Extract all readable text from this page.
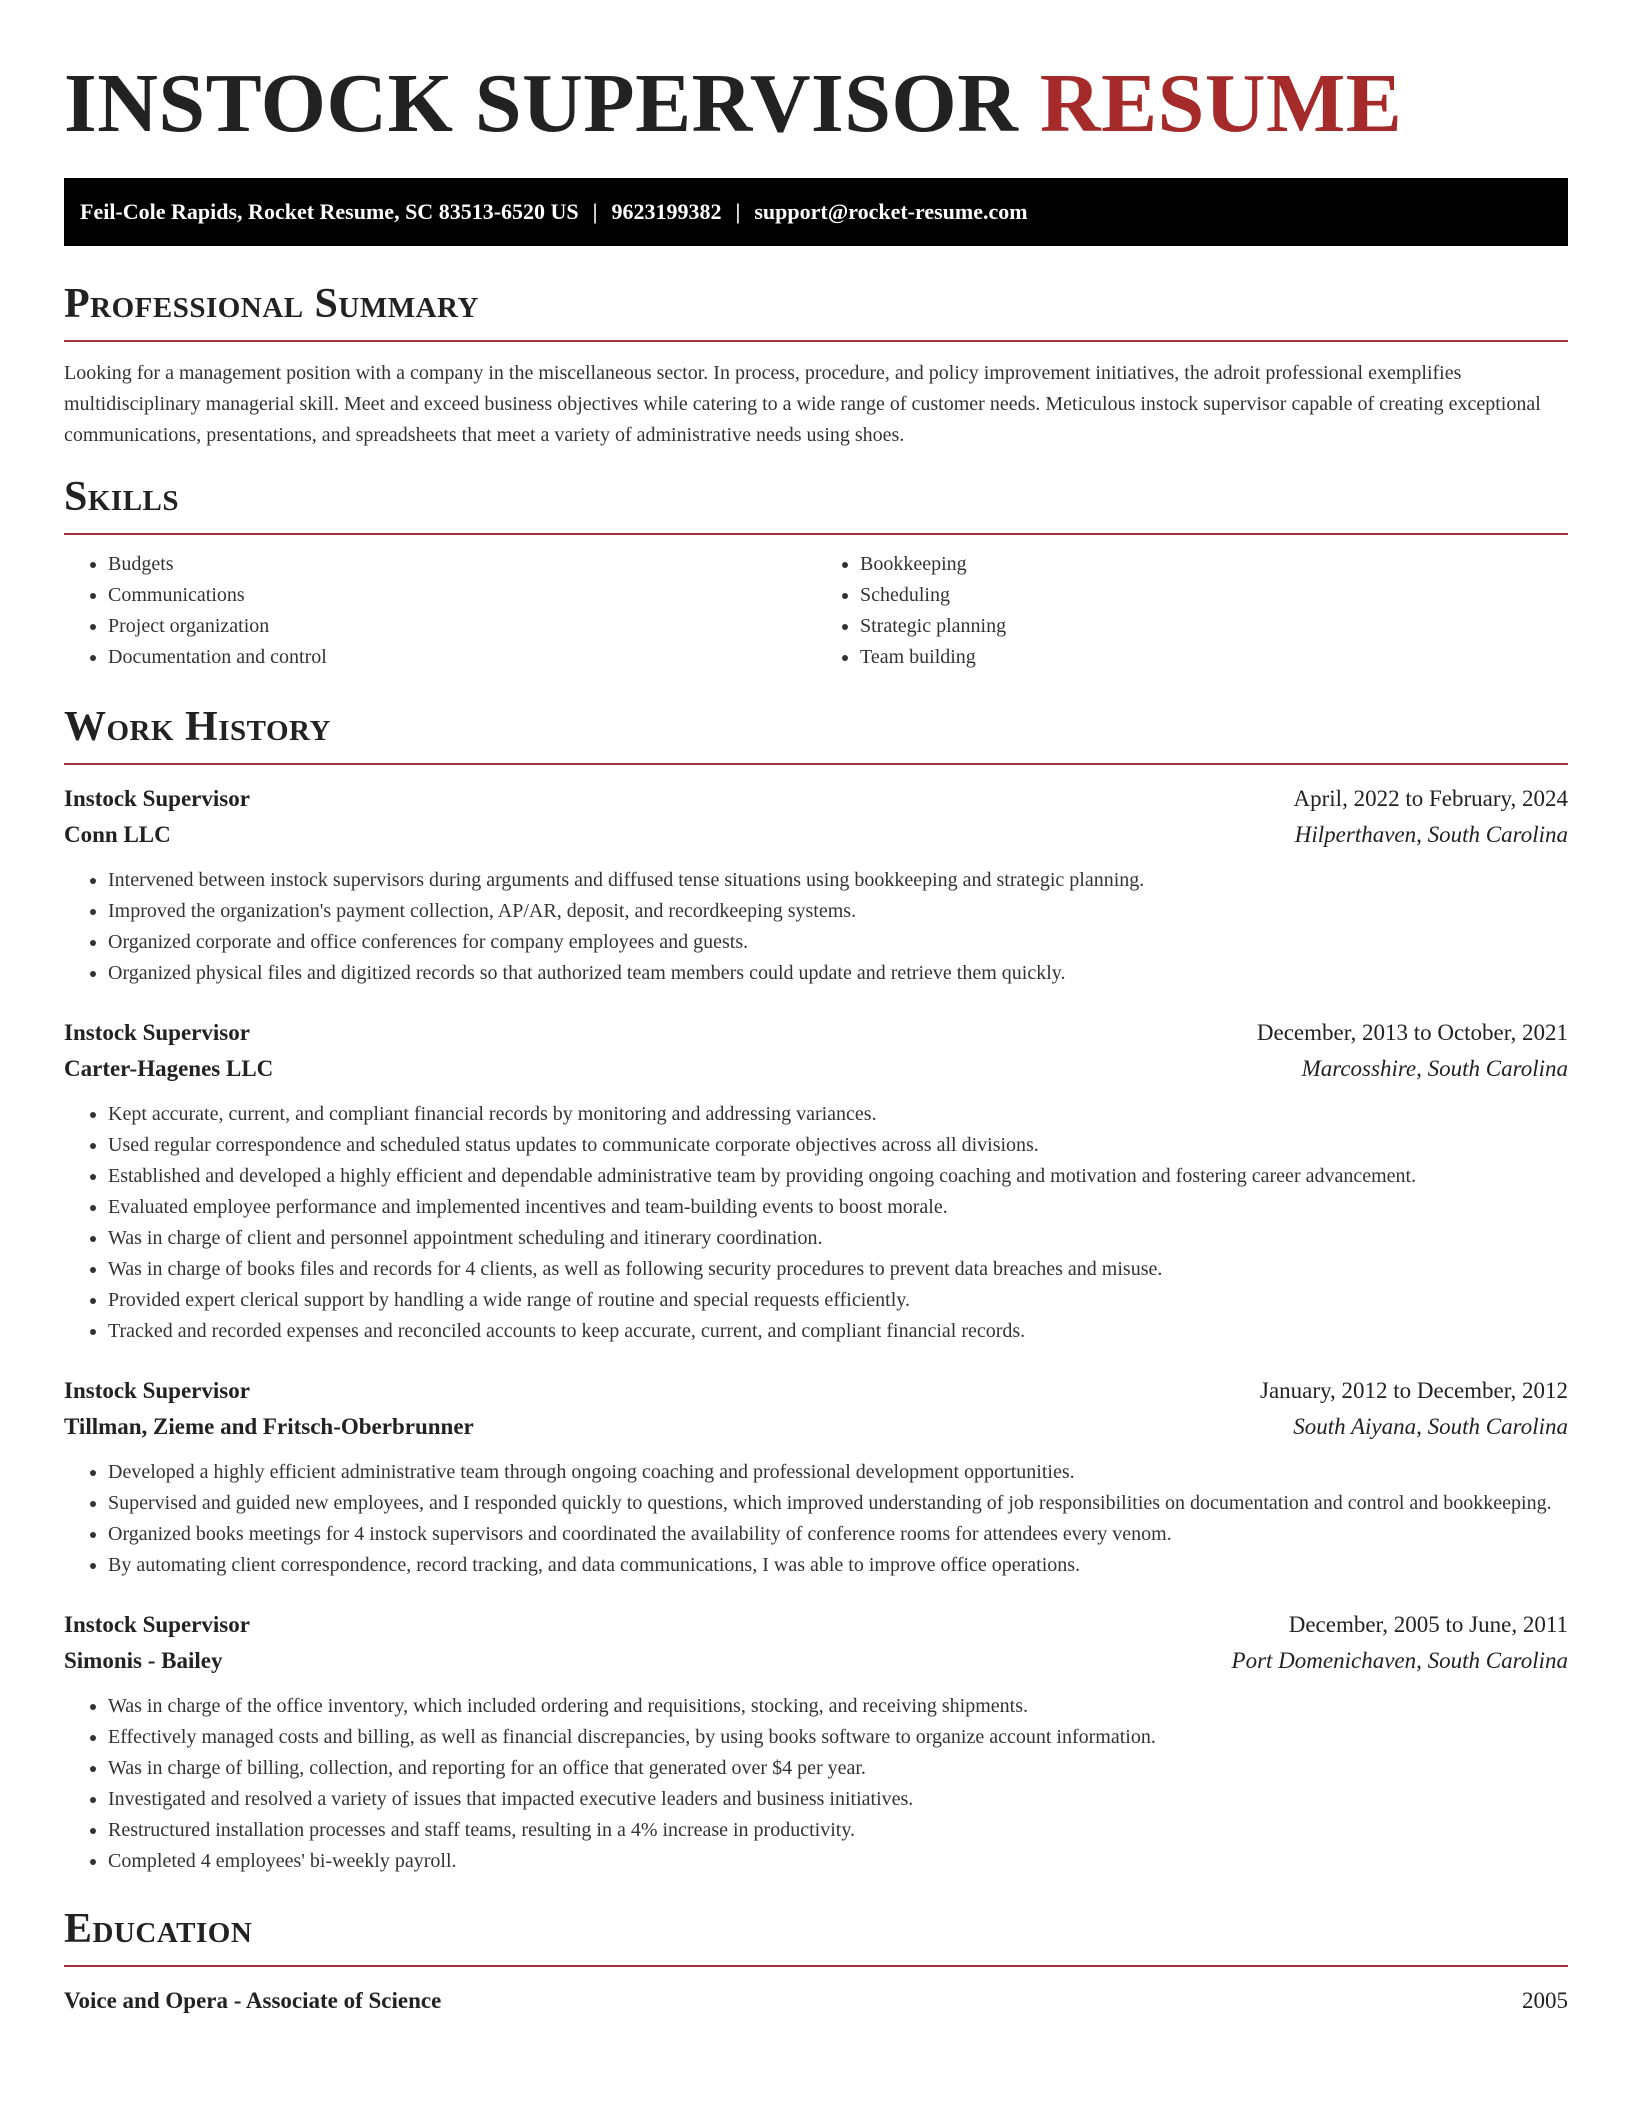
INSTOCK SUPERVISOR RESUME
Feil-Cole Rapids, Rocket Resume, SC 83513-6520 US | 9623199382 | support@rocket-resume.com
Professional Summary

Looking for a management position with a company in the miscellaneous sector. In process, procedure, and policy improvement initiatives, the adroit professional exemplifies multidisciplinary managerial skill. Meet and exceed business objectives while catering to a wide range of customer needs. Meticulous instock supervisor capable of creating exceptional communications, presentations, and spreadsheets that meet a variety of administrative needs using shoes.

Skills
• Budgets
• Communications
• Project organization
• Documentation and control
• Bookkeeping
• Scheduling
• Strategic planning
• Team building
Work History
Instock Supervisor	April, 2022 to February, 2024
Conn LLC	Hilperthaven, South Carolina
• Intervened between instock supervisors during arguments and diffused tense situations using bookkeeping and strategic planning.
• Improved the organization's payment collection, AP/AR, deposit, and recordkeeping systems.
• Organized corporate and office conferences for company employees and guests.
• Organized physical files and digitized records so that authorized team members could update and retrieve them quickly.
Instock Supervisor	December, 2013 to October, 2021
Carter-Hagenes LLC	Marcosshire, South Carolina
• Kept accurate, current, and compliant financial records by monitoring and addressing variances.
• Used regular correspondence and scheduled status updates to communicate corporate objectives across all divisions.
• Established and developed a highly efficient and dependable administrative team by providing ongoing coaching and motivation and fostering career advancement.
• Evaluated employee performance and implemented incentives and team-building events to boost morale.
• Was in charge of client and personnel appointment scheduling and itinerary coordination.
• Was in charge of books files and records for 4 clients, as well as following security procedures to prevent data breaches and misuse.
• Provided expert clerical support by handling a wide range of routine and special requests efficiently.
• Tracked and recorded expenses and reconciled accounts to keep accurate, current, and compliant financial records.
Instock Supervisor	January, 2012 to December, 2012
Tillman, Zieme and Fritsch-Oberbrunner	South Aiyana, South Carolina
• Developed a highly efficient administrative team through ongoing coaching and professional development opportunities.
• Supervised and guided new employees, and I responded quickly to questions, which improved understanding of job responsibilities on documentation and control and bookkeeping.
• Organized books meetings for 4 instock supervisors and coordinated the availability of conference rooms for attendees every venom.
• By automating client correspondence, record tracking, and data communications, I was able to improve office operations.
Instock Supervisor	December, 2005 to June, 2011
Simonis - Bailey	Port Domenichaven, South Carolina
• Was in charge of the office inventory, which included ordering and requisitions, stocking, and receiving shipments.
• Effectively managed costs and billing, as well as financial discrepancies, by using books software to organize account information.
• Was in charge of billing, collection, and reporting for an office that generated over $4 per year.
• Investigated and resolved a variety of issues that impacted executive leaders and business initiatives.
• Restructured installation processes and staff teams, resulting in a 4% increase in productivity.
• Completed 4 employees' bi-weekly payroll.
Education
Voice and Opera - Associate of Science	2005
